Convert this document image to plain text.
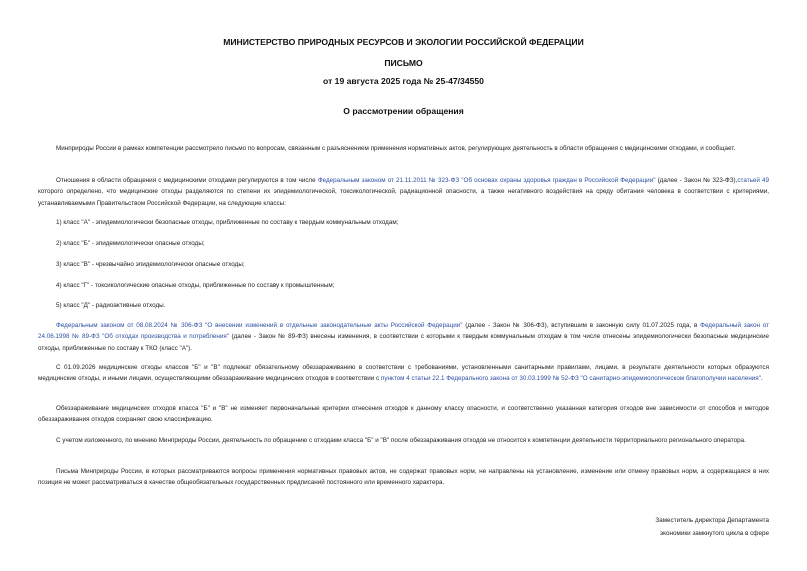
МИНИСТЕРСТВО ПРИРОДНЫХ РЕСУРСОВ И ЭКОЛОГИИ РОССИЙСКОЙ ФЕДЕРАЦИИ
ПИСЬМО
от 19 августа 2025 года № 25-47/34550
О рассмотрении обращения
Минприроды России в рамках компетенции рассмотрело письмо по вопросам, связанным с разъяснением применения нормативных актов, регулирующих деятельность в области обращения с медицинскими отходами, и сообщает.
Отношения в области обращения с медицинскими отходами регулируются в том числе Федеральным законом от 21.11.2011 № 323-ФЗ "Об основах охраны здоровья граждан в Российской Федерации" (далее - Закон № 323-ФЗ),статьей 49 которого определено, что медицинские отходы разделяются по степени их эпидемиологической, токсикологической, радиационной опасности, а также негативного воздействия на среду обитания человека в соответствии с критериями, устанавливаемыми Правительством Российской Федерации, на следующие классы:
1) класс "А" - эпидемиологически безопасные отходы, приближенные по составу к твердым коммунальным отходам;
2) класс "Б" - эпидемиологически опасные отходы;
3) класс "В" - чрезвычайно эпидемиологически опасные отходы;
4) класс "Г" - токсикологические опасные отходы, приближенные по составу к промышленным;
5) класс "Д" - радиоактивные отходы.
Федеральным законом от 08.08.2024 № 306-ФЗ "О внесении изменений в отдельные законодательные акты Российской Федерации" (далее - Закон № 306-ФЗ), вступившим в законную силу 01.07.2025 года, в Федеральный закон от 24.06.1998 № 89-ФЗ "Об отходах производства и потребления" (далее - Закон № 89-ФЗ) внесены изменения, в соответствии с которыми к твердым коммунальным отходам в том числе отнесены эпидемиологически безопасные медицинские отходы, приближенные по составу к ТКО (класс "А").
С 01.09.2026 медицинские отходы классов "Б" и "В" подлежат обязательному обеззараживанию в соответствии с требованиями, установленными санитарными правилами, лицами, в результате деятельности которых образуются медицинские отходы, и иными лицами, осуществляющими обеззараживание медицинских отходов в соответствии с пунктом 4 статьи 22.1 Федерального закона от 30.03.1999 № 52-ФЗ "О санитарно-эпидемиологическом благополучии населения".
Обеззараживание медицинских отходов класса "Б" и "В" не изменяет первоначальные критерии отнесения отходов к данному классу опасности, и соответственно указанная категория отходов вне зависимости от способов и методов обеззараживания отходов сохраняет свою классификацию.
С учетом изложенного, по мнению Минприроды России, деятельность по обращению с отходами класса "Б" и "В" после обеззараживания отходов не относится к компетенции деятельности территориального регионального оператора.
Письма Минприроды России, в которых рассматриваются вопросы применения нормативных правовых актов, не содержат правовых норм, не направлены на установление, изменение или отмену правовых норм, а содержащаяся в них позиция не может рассматриваться в качестве общеобязательных государственных предписаний постоянного или временного характера.
Заместитель директора Департамента
экономики замкнутого цикла в сфере
